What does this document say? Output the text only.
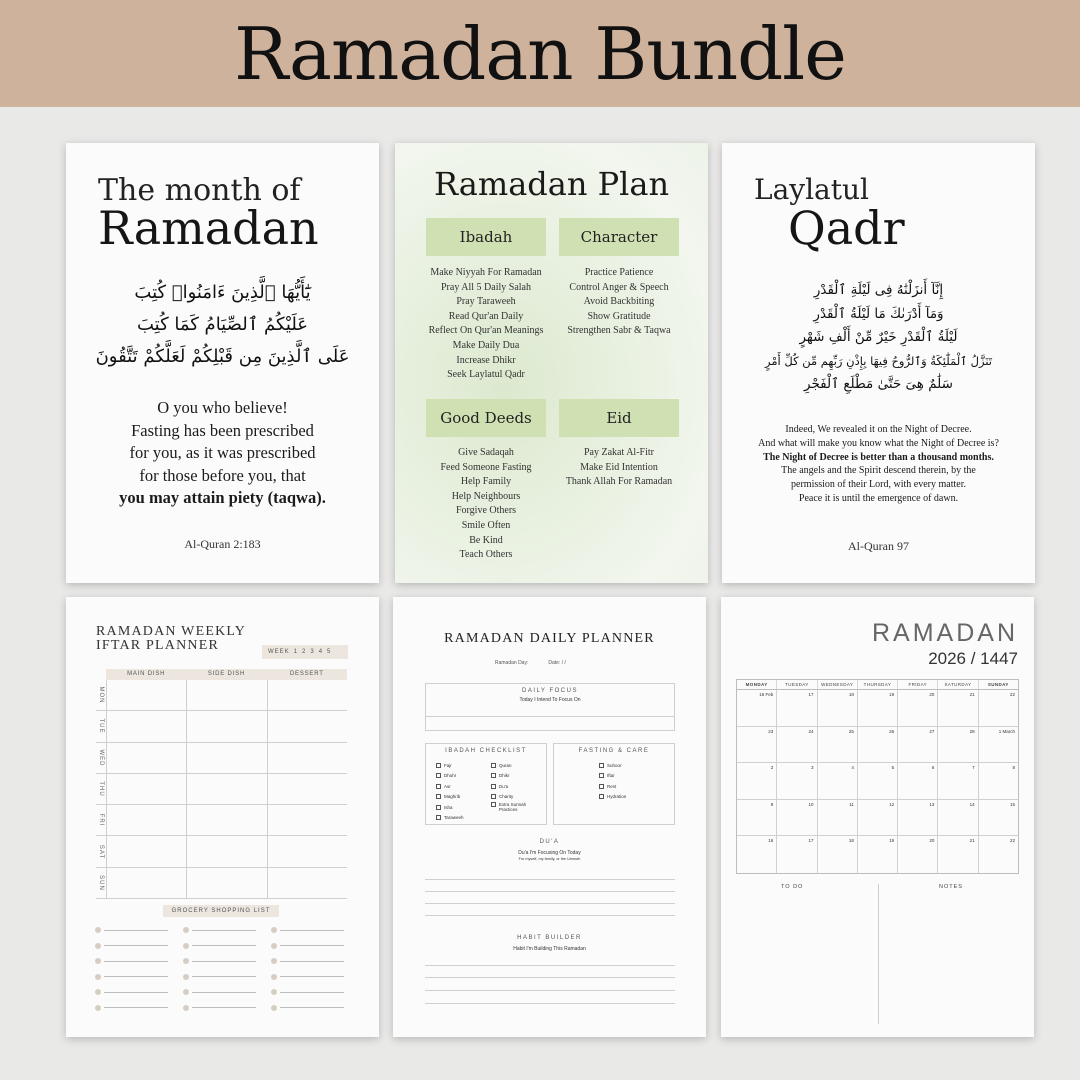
Ramadan Bundle
The month of
Ramadan
يَٰٓأَيُّهَا ٱلَّذِينَ ءَامَنُوا۟ كُتِبَ
عَلَيْكُمُ ٱلصِّيَامُ كَمَا كُتِبَ
عَلَى ٱلَّذِينَ مِن قَبْلِكُمْ لَعَلَّكُمْ تَتَّقُونَ
O you who believe!
Fasting has been prescribed
for you, as it was prescribed
for those before you, that
you may attain piety (taqwa).
Al-Quran 2:183
Ramadan Plan
Ibadah	Character
Good Deeds	Eid
Make Niyyah For Ramadan
Pray All 5 Daily Salah
Pray Taraweeh
Read Qur'an Daily
Reflect On Qur'an Meanings
Make Daily Dua
Increase Dhikr
Seek Laylatul Qadr
Practice Patience
Control Anger & Speech
Avoid Backbiting
Show Gratitude
Strengthen Sabr & Taqwa
Give Sadaqah
Feed Someone Fasting
Help Family
Help Neighbours
Forgive Others
Smile Often
Be Kind
Teach Others
Pay Zakat Al-Fitr
Make Eid Intention
Thank Allah For Ramadan
Laylatul
Qadr
إِنَّآ أَنزَلْنَٰهُ فِى لَيْلَةِ ٱلْقَدْرِ
وَمَآ أَدْرَىٰكَ مَا لَيْلَةُ ٱلْقَدْرِ
لَيْلَةُ ٱلْقَدْرِ خَيْرٌ مِّنْ أَلْفِ شَهْرٍ
تَنَزَّلُ ٱلْمَلَٰٓئِكَةُ وَٱلرُّوحُ فِيهَا بِإِذْنِ رَبِّهِم مِّن كُلِّ أَمْرٍ
سَلَٰمٌ هِىَ حَتَّىٰ مَطْلَعِ ٱلْفَجْرِ
Indeed, We revealed it on the Night of Decree.
And what will make you know what the Night of Decree is?
The Night of Decree is better than a thousand months.
The angels and the Spirit descend therein, by the
permission of their Lord, with every matter.
Peace it is until the emergence of dawn.
Al-Quran 97
RAMADAN WEEKLY
IFTAR PLANNER	WEEK 1 2 3 4 5
MAIN DISH	SIDE DISH	DESSERT
MON
TUE
WED
THU
FRI
SAT
SUN
GROCERY SHOPPING LIST
RAMADAN DAILY PLANNER
Ramadan Day:	Date: / /
DAILY FOCUS
Today I Intend To Focus On
IBADAH CHECKLIST
Fajr
Dhuhr
Asr
Maghrib
Isha
Taraweeh
Quran
Dhikr
Du'a
Charity
Extra Sunnah Practices
FASTING & CARE
Suhoor
Iftar
Rest
Hydration
DU'A
Du'a I'm Focusing On Today
For myself, my family, or the Ummah
HABIT BUILDER
Habit I'm Building This Ramadan
RAMADAN
2026 / 1447
MONDAY	TUESDAY	WEDNESDAY	THURSDAY	FRIDAY	SATURDAY	SUNDAY
16 Feb	17	18	19	20	21	22
23	24	25	26	27	28	1 March
2	3	4	5	6	7	8
9	10	11	12	13	14	15
16	17	18	19	20	21	22
TO DO	NOTES
